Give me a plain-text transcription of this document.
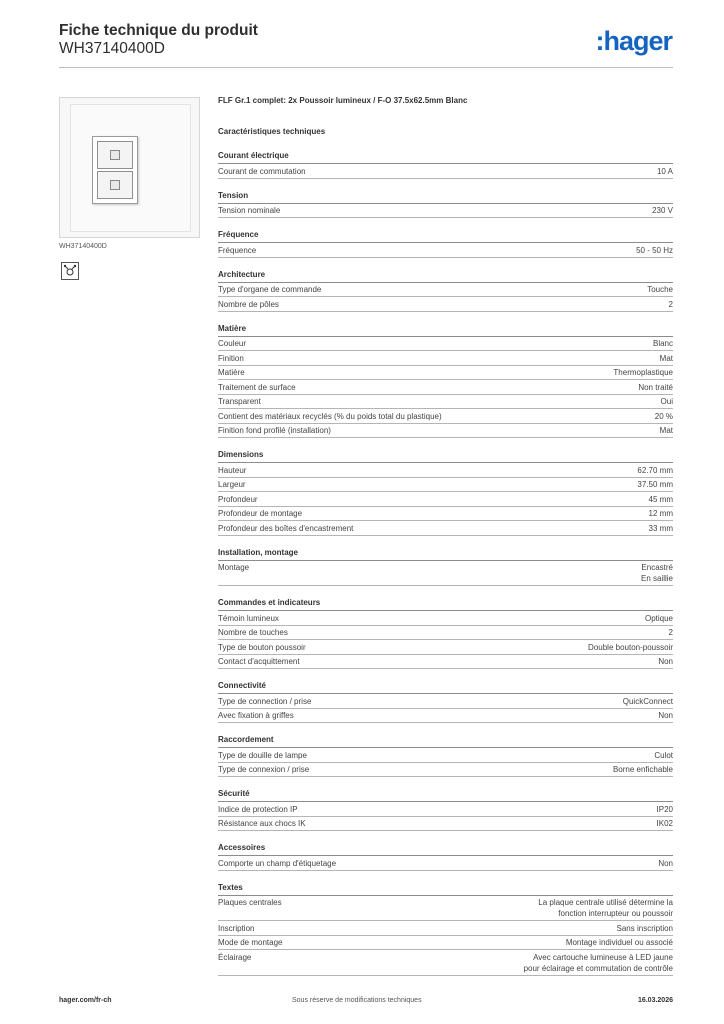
Fiche technique du produit
WH37140400D	:hager
WH37140400D
FLF Gr.1 complet: 2x Poussoir lumineux / F-O 37.5x62.5mm Blanc
Caractéristiques techniques
Courant électrique
Courant de commutation	10 A
Tension
Tension nominale	230 V
Fréquence
Fréquence	50 - 50 Hz
Architecture
Type d'organe de commande	Touche
Nombre de pôles	2
Matière
Couleur	Blanc
Finition	Mat
Matière	Thermoplastique
Traitement de surface	Non traité
Transparent	Oui
Contient des matériaux recyclés (% du poids total du plastique)	20 %
Finition fond profilé (installation)	Mat
Dimensions
Hauteur	62.70 mm
Largeur	37.50 mm
Profondeur	45 mm
Profondeur de montage	12 mm
Profondeur des boîtes d'encastrement	33 mm
Installation, montage
Montage	Encastré
En saillie
Commandes et indicateurs
Témoin lumineux	Optique
Nombre de touches	2
Type de bouton poussoir	Double bouton-poussoir
Contact d'acquittement	Non
Connectivité
Type de connection / prise	QuickConnect
Avec fixation à griffes	Non
Raccordement
Type de douille de lampe	Culot
Type de connexion / prise	Borne enfichable
Sécurité
Indice de protection IP	IP20
Résistance aux chocs IK	IK02
Accessoires
Comporte un champ d'étiquetage	Non
Textes
Plaques centrales	La plaque centrale utilisé détermine la
fonction interrupteur ou poussoir
Inscription	Sans inscription
Mode de montage	Montage individuel ou associé
Éclairage	Avec cartouche lumineuse à LED jaune
pour éclairage et commutation de contrôle
hager.com/fr-ch	Sous réserve de modifications techniques	16.03.2026
